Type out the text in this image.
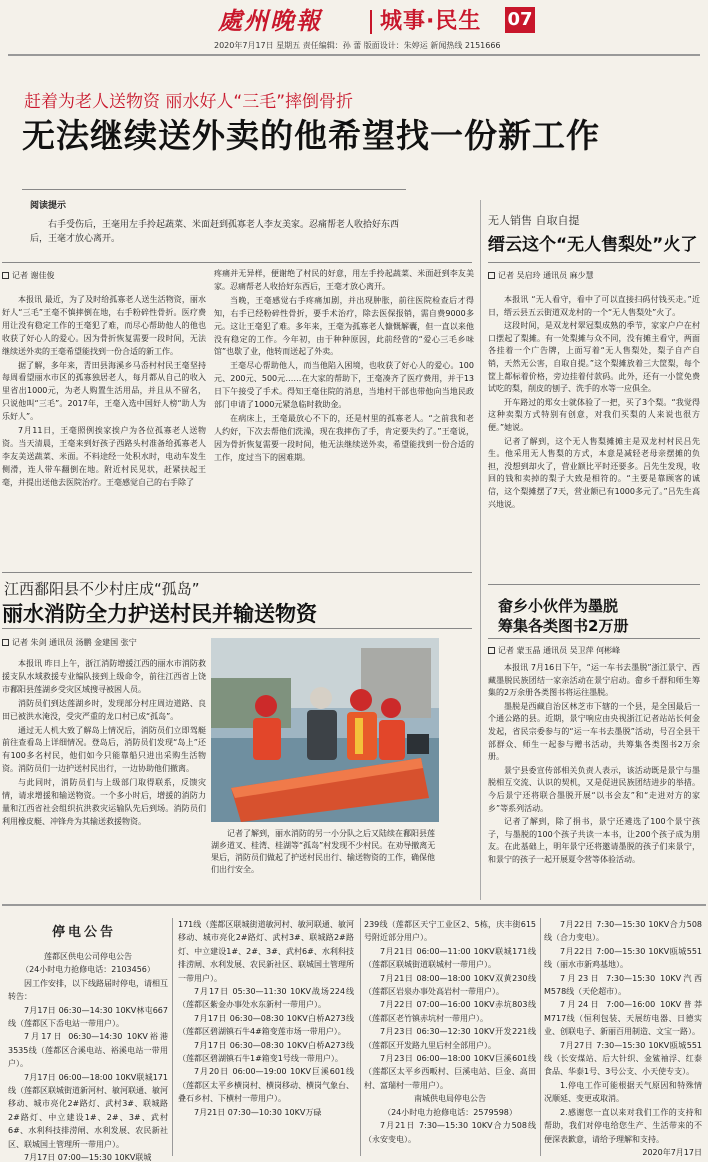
處州晚報	城事·民生 07
2020年7月17日 星期五 责任编辑：孙 蕾 版面设计：朱婷运 新闻热线 2151666
赶着为老人送物资 丽水好人“三毛”摔倒骨折
无法继续送外卖的他希望找一份新工作
阅读提示
右手受伤后，王毫用左手拎起蔬菜、米面赶到孤寡老人李友美家。忍痛帮老人收拾好东西后，王毫才放心离开。
记者 谢佳俊

本报讯 最近，为了及时给孤寡老人送生活物资，丽水好人“三毛”王毫不慎摔倒在地，右手粉碎性骨折。医疗费用让没有稳定工作的王毫犯了难，而尽心帮助他人的他也收获了好心人的爱心。因为骨折恢复需要一段时间，无法继续送外卖的王毫希望能找到一份合适的新工作。

据了解，多年来，青田县海溪乡马岙村村民王毫坚持每周看望丽水市区的孤寡独居老人，每月都从自己的收入里省出1000元，为老人购置生活用品，并且从不留名，只说他叫“三毛”。2017年，王毫入选中国好人榜“助人为乐好人”。

7月11日，王毫照例挨家挨户为各位孤寡老人送物资。当天清晨，王毫来到好孩子西路头村准备给孤寡老人李友美送蔬菜、米面。不料途经一处积水时，电动车发生侧滑，连人带车翻倒在地。附近村民见状，赶紧扶起王毫，并提出送他去医院治疗。王毫感觉自己的右手除了

疼痛并无异样，便谢绝了村民的好意，用左手拎起蔬菜、米面赶到李友美家。忍痛帮老人收拾好东西后，王毫才放心离开。

当晚，王毫感觉右手疼痛加剧，并出现肿胀，前往医院检查后才得知，右手已经粉碎性骨折，要手术治疗，除去医保报销，需自费9000多元。这让王毫犯了难。多年来，王毫为孤寡老人慷慨解囊，但一直以来他没有稳定的工作。今年初，由于种种原因，此前经营的“爱心三毛乡味馆”也歇了业，他转而送起了外卖。

王毫尽心帮助他人，而当他陷入困境，也收获了好心人的爱心。100元、200元、500元……在大家的帮助下，王毫凑齐了医疗费用，并于13日下午接受了手术。得知王毫住院的消息，当地村干部也带他向当地民政部门申请了1000元紧急临时救助金。

在病床上，王毫最放心不下的，还是村里的孤寡老人。“之前我和老人约好，下次去帮他们洗澡，现在我摔伤了手，肯定要失约了。”王毫说，因为骨折恢复需要一段时间，他无法继续送外卖，希望能找到一份合适的工作，度过当下的困难期。

无人销售 自取自提
缙云这个“无人售梨处”火了
记者 吴启玲 通讯员 麻少慧

本报讯 “无人看守，看中了可以直接扫码付钱买走。”近日，缙云县五云街道双龙村的一个“无人售梨处”火了。

这段时间，是双龙村翠冠梨成熟的季节，家家户户在村口摆起了梨摊。有一处梨摊与众不同，没有摊主看守，两面各挂着一个广告牌，上面写着“无人售梨处，梨子自产自销，天然无公害，自取自提。”这个梨摊放着三大筐梨，每个筐上都标着价格，旁边挂着付款码。此外，还有一小筐免费试吃的梨，削皮的刨子、洗手的水等一应俱全。

开车路过的郑女士就体验了一把，买了3个梨。“我觉得这种卖梨方式特别有创意，对我们买梨的人来说也很方便。”她说。

记者了解到，这个无人售梨摊摊主是双龙村村民吕先生。他采用无人售梨的方式，本意是减轻老母亲摆摊的负担，没想到却火了，营业额比平时还要多。吕先生发现，收回的钱和卖掉的梨子大致是相符的。“主要是靠顾客的诚信，这个梨摊摆了7天，营业额已有1000多元了。”吕先生高兴地说。

江西鄱阳县不少村庄成“孤岛”
丽水消防全力护送村民并输送物资
记者 朱剑 通讯员 汤鹏 金建国 张宁

本报讯 昨日上午，浙江消防增援江西的丽水市消防救援支队水域救援专业编队接到上级命令，前往江西省上饶市鄱阳县莲湖乡受灾区域搜寻被困人员。

消防员们到达莲湖乡时，发现部分村庄周边道路、良田已被洪水淹没，受灾严重的龙口村已成“孤岛”。

通过无人机大致了解岛上情况后，消防员们立即驾艇前往查看岛上详细情况。登岛后，消防员们发现“岛上”还有100多名村民，他们如今只能靠船只进出采购生活物资。消防员们一边护送村民出行，一边协助他们撤离。

与此同时，消防员们与上级部门取得联系，反馈灾情，请求增援和输送物资。一个多小时后，增援的消防力量和江西省社会组织抗洪救灾运输队先后到场。消防员们利用橡皮艇、冲锋舟为其输送救援物资。

记者了解到，丽水消防的另一小分队之后又陆续在鄱阳县莲湖乡道叉、桂湾、桂湖等“孤岛”村发现不少村民。在劝导撤离无果后，消防员们做起了护送村民出行、输送物资的工作，确保他们出行安全。
畲乡小伙伴为墨脱
筹集各类图书2万册
记者 蒙玉晶 通讯员 吴卫萍 何彬峰

本报讯 7月16日下午，“运一车书去墨脱”浙江景宁、西藏墨脱民族团结一家亲活动在景宁启动。畲乡千群和师生筹集的2万余册各类图书将运往墨脱。

墨脱是西藏自治区林芝市下辖的一个县，是全国最后一个通公路的县。近期，景宁响应由央视浙江记者站站长何金发起，省民宗委参与的“运一车书去墨脱”活动，号召全县干部群众、师生一起参与赠书活动，共筹集各类图书2万余册。

景宁县委宣传部相关负责人表示，该活动既是景宁与墨脱相互交流、认识的契机，又是促进民族团结进步的举措。今后景宁还将联合墨脱开展“以书会友”和“走进对方的家乡”等系列活动。

记者了解到，除了捐书，景宁还遴选了100个景宁孩子，与墨脱的100个孩子共读一本书，让200个孩子成为朋友。在此基础上，明年景宁还将邀请墨脱的孩子们来景宁，和景宁的孩子一起开展夏令营等体验活动。

停电公告

莲都区供电公司停电公告

（24小时电力抢修电话：2103456）

因工作安排，以下线路届时停电，请相互转告：

7月17日 06:30—14:30 10KV林屯667线（莲都区下岙电站一带用户）。

7月17日 06:30—14:30 10KV裕港3535线（莲都区合溪电站、裕溪电站一带用户）。

7月17日 06:00—18:00 10KV联城171线（莲都区联城街道新河村、敏河联通、敏河移动、城市亮化2#路灯、武村3#、联城路2#路灯、中立建设1#、2#、3#、武村6#、水利科技排涝闸、水利发展、农民新社区、联城国土管理所一带用户）。

7月17日 07:00—15:30 10KV联城

171线（莲都区联城街道敏河村、敏河联通、敏河移动、城市亮化2#路灯、武村3#、联城路2#路灯、中立建设1#、2#、3#、武村6#、水利科技排涝闸、水利发展、农民新社区、联城国土管理所一带用户）。

7月17日 05:30—11:30 10KV战场224线（莲都区紫金办事处水东新村一带用户）。

7月17日 06:30—08:30 10KV白桥A273线（莲都区碧湖镇石牛4#箱变莲市场一带用户）。

7月17日 06:30—08:30 10KV白桥A273线（莲都区碧湖镇石牛1#箱变1号线一带用户）。

7月20日 06:00—19:00 10KV巨溪601线（莲都区太平乡横岗村、横岗移动、横岗气象台、叠石乡村、下横村一带用户）。

7月21日 07:30—10:30 10KV万碌

239线（莲都区天宁工业区2、5栋，庆丰街615号附近部分用户）。

7月21日 06:00—11:00 10KV联城171线（莲都区联城街道联城村一带用户）。

7月21日 08:00—18:00 10KV双黄230线（莲都区岩泉办事处高岩村一带用户）。

7月22日 07:00—16:00 10KV赤坑803线（莲都区老竹镇赤坑村一带用户）。

7月23日 06:30—12:30 10KV开发221线（莲都区开发路九里后村全部用户）。

7月23日 06:00—18:00 10KV巨溪601线（莲都区太平乡西畈村、巨溪电站、巨金、高田村、富瑞村一带用户）。

南城供电局停电公告

（24小时电力抢修电话：2579598）

7月21日 7:30—15:30 10KV合力508线（永安变电）。

7月22日 7:30—15:30 10KV合力508线（合力变电）。

7月22日 7:00—15:30 10KV瓯城551线（丽水市新鸡基地）。

7月23日 7:30—15:30 10KV汽西M578线（天伦超市）。

7月24日 7:00—16:00 10KV普莽M717线（恒利包装、天展纺电器、日德实业、创联电子、新丽百用制造、文宝一路）。

7月27日 7:30—15:30 10KV瓯城551线（长安煤站、后大针织、金鲨袖浮、红泰食品、华泰1号、3号公支、小天使专支）。

1.停电工作可能根据天气原因和特殊情况顺延、变更或取消。

2.感谢您一直以来对我们工作的支持和帮助，我们对停电给您生产、生活带来的不便深表歉意，请给予理解和支持。

2020年7月17日
